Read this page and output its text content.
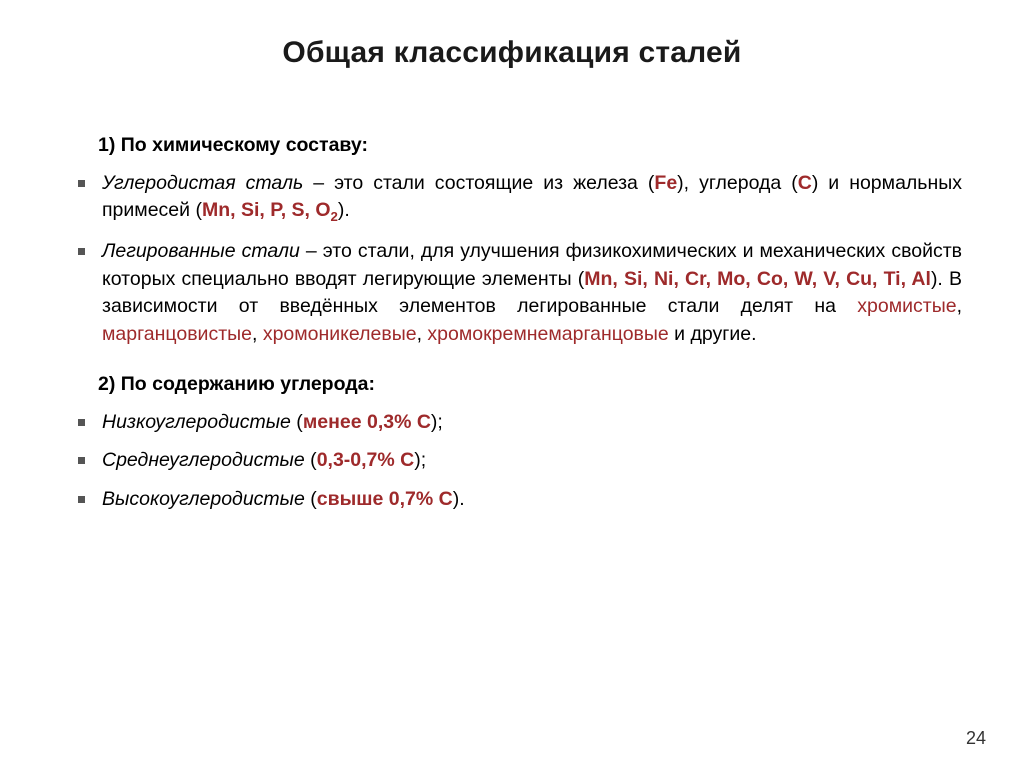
Общая классификация сталей
1) По химическому составу:
Углеродистая сталь – это стали состоящие из железа (Fe), углерода (C) и нормальных примесей (Mn, Si, P, S, $O_2$).
Легированные стали – это стали, для улучшения физикохимических и механических свойств которых специально вводят легирующие элементы (Mn, Si, Ni, Cr, Mo, Co, W, V, Cu, Ti, Al). В зависимости от введённых элементов легированные стали делят на хромистые, марганцовистые, хромоникелевые, хромокремнемарганцовые и другие.
2) По содержанию углерода:
Низкоуглеродистые (менее 0,3% С);
Среднеуглеродистые (0,3-0,7% С);
Высокоуглеродистые (свыше 0,7% С).
24
